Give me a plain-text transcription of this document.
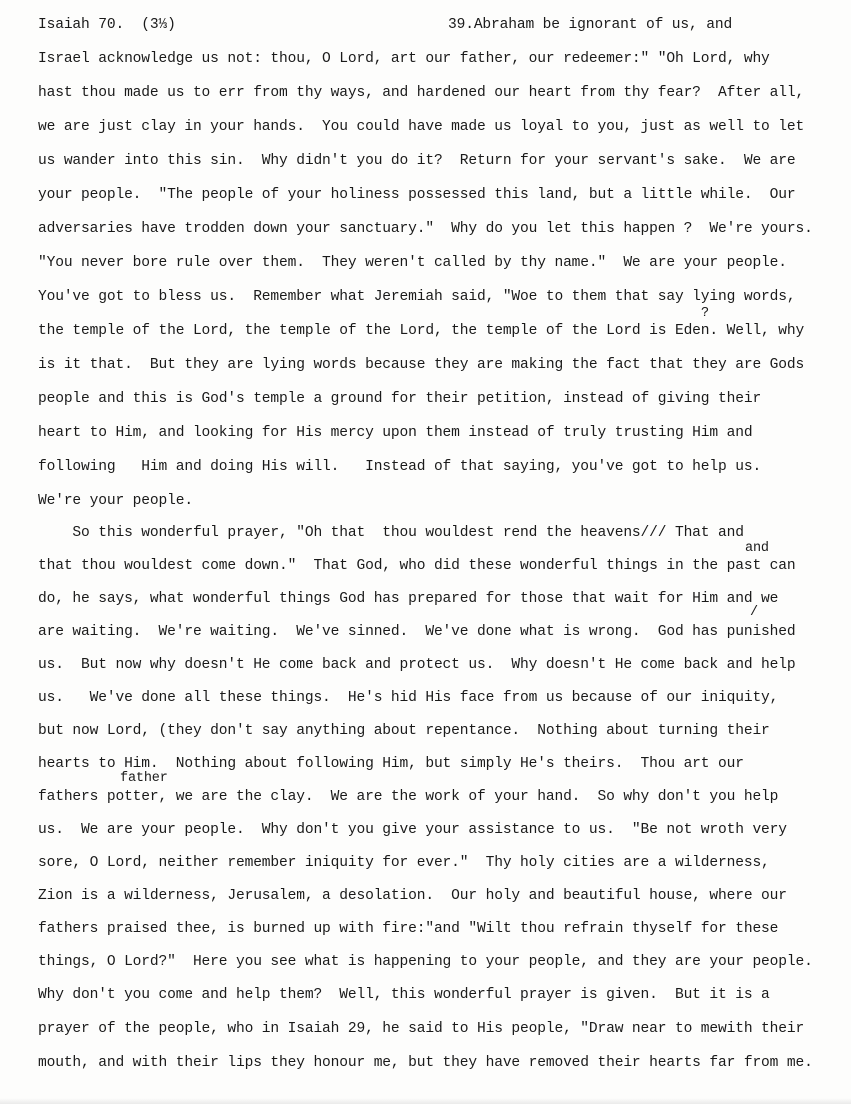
Isaiah 70.  (3⅓)	39.Abraham be ignorant of us, and
Israel acknowledge us not: thou, O Lord, art our father, our redeemer:" "Oh Lord, why
hast thou made us to err from thy ways, and hardened our heart from thy fear?  After all,
we are just clay in your hands.  You could have made us loyal to you, just as well to let
us wander into this sin.  Why didn't you do it?  Return for your servant's sake.  We are
your people.  "The people of your holiness possessed this land, but a little while.  Our
adversaries have trodden down your sanctuary."  Why do you let this happen ?  We're yours.
"You never bore rule over them.  They weren't called by thy name."  We are your people.
You've got to bless us.  Remember what Jeremiah said, "Woe to them that say lying words,
?
the temple of the Lord, the temple of the Lord, the temple of the Lord is Eden. Well, why
is it that.  But they are lying words because they are making the fact that they are Gods
people and this is God's temple a ground for their petition, instead of giving their
heart to Him, and looking for His mercy upon them instead of truly trusting Him and
following   Him and doing His will.   Instead of that saying, you've got to help us.
We're your people.
So this wonderful prayer, "Oh that  thou wouldest rend the heavens/// That and
and
that thou wouldest come down."  That God, who did these wonderful things in the past can
do, he says, what wonderful things God has prepared for those that wait for Him and we
/
are waiting.  We're waiting.  We've sinned.  We've done what is wrong.  God has punished
us.  But now why doesn't He come back and protect us.  Why doesn't He come back and help
us.   We've done all these things.  He's hid His face from us because of our iniquity,
but now Lord, (they don't say anything about repentance.  Nothing about turning their
hearts to Him.  Nothing about following Him, but simply He's theirs.  Thou art our
father
fathers potter, we are the clay.  We are the work of your hand.  So why don't you help
us.  We are your people.  Why don't you give your assistance to us.  "Be not wroth very
sore, O Lord, neither remember iniquity for ever."  Thy holy cities are a wilderness,
Zion is a wilderness, Jerusalem, a desolation.  Our holy and beautiful house, where our
fathers praised thee, is burned up with fire:"and "Wilt thou refrain thyself for these
things, O Lord?"  Here you see what is happening to your people, and they are your people.
Why don't you come and help them?  Well, this wonderful prayer is given.  But it is a
prayer of the people, who in Isaiah 29, he said to His people, "Draw near to mewith their
mouth, and with their lips they honour me, but they have removed their hearts far from me.
